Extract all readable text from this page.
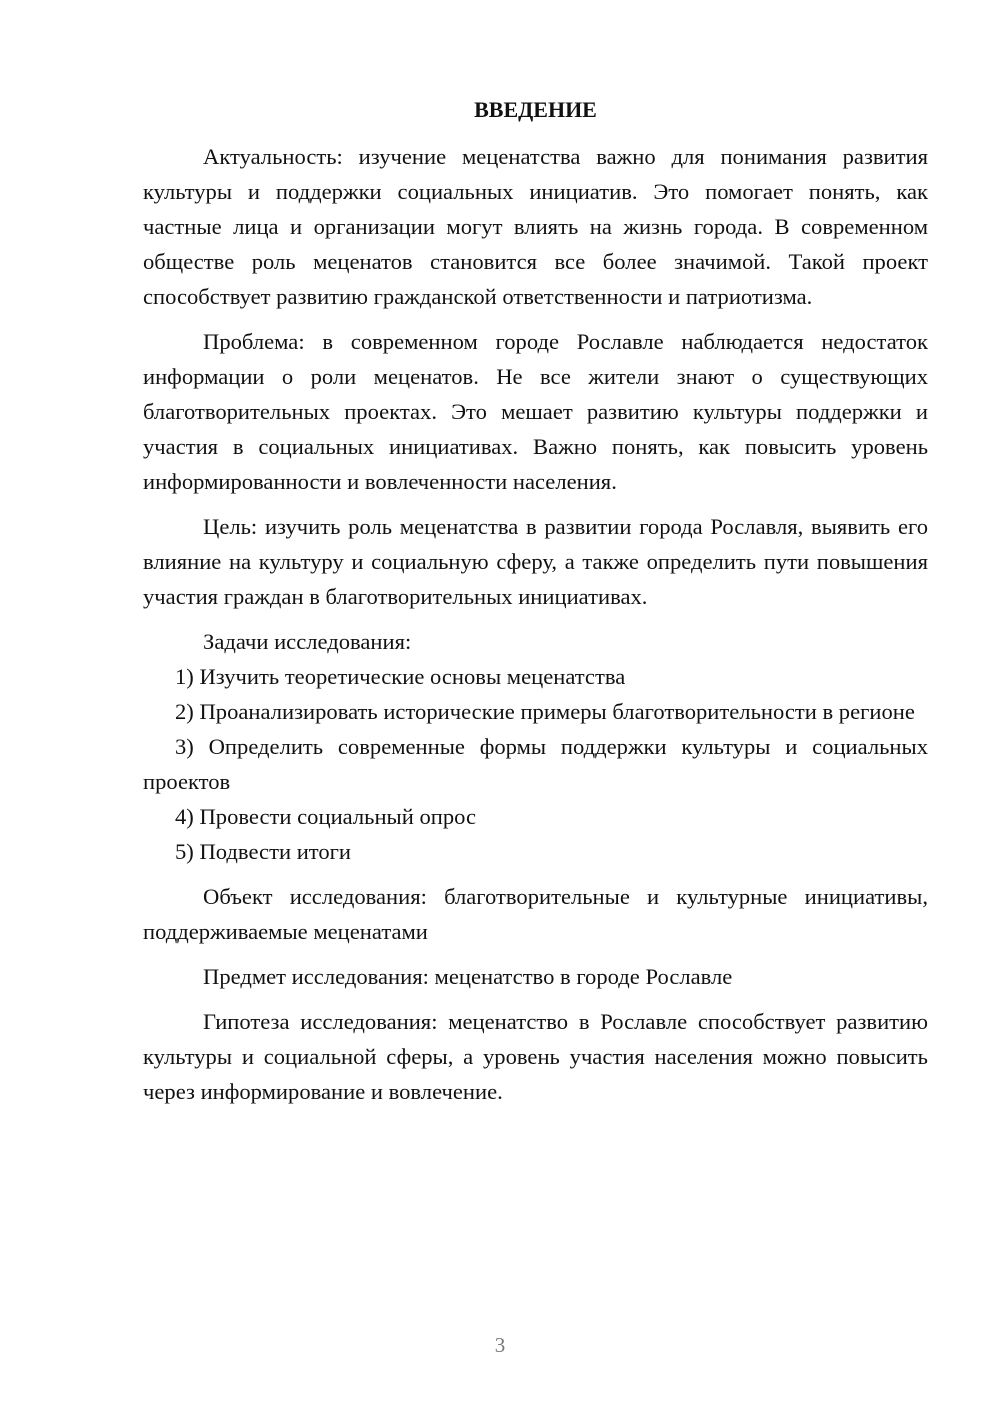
ВВЕДЕНИЕ

Актуальность: изучение меценатства важно для понимания развития культуры и поддержки социальных инициатив. Это помогает понять, как частные лица и организации могут влиять на жизнь города. В современном обществе роль меценатов становится все более значимой. Такой проект способствует развитию гражданской ответственности и патриотизма.

Проблема: в современном городе Рославле наблюдается недостаток информации о роли меценатов. Не все жители знают о существующих благотворительных проектах. Это мешает развитию культуры поддержки и участия в социальных инициативах. Важно понять, как повысить уровень информированности и вовлеченности населения.

Цель: изучить роль меценатства в развитии города Рославля, выявить его влияние на культуру и социальную сферу, а также определить пути повышения участия граждан в благотворительных инициативах.

Задачи исследования:

1) Изучить теоретические основы меценатства

2) Проанализировать исторические примеры благотворительности в регионе

3) Определить современные формы поддержки культуры и социальных проектов

4) Провести социальный опрос

5) Подвести итоги

Объект исследования: благотворительные и культурные инициативы, поддерживаемые меценатами

Предмет исследования: меценатство в городе Рославле

Гипотеза исследования: меценатство в Рославле способствует развитию культуры и социальной сферы, а уровень участия населения можно повысить через информирование и вовлечение.

3
